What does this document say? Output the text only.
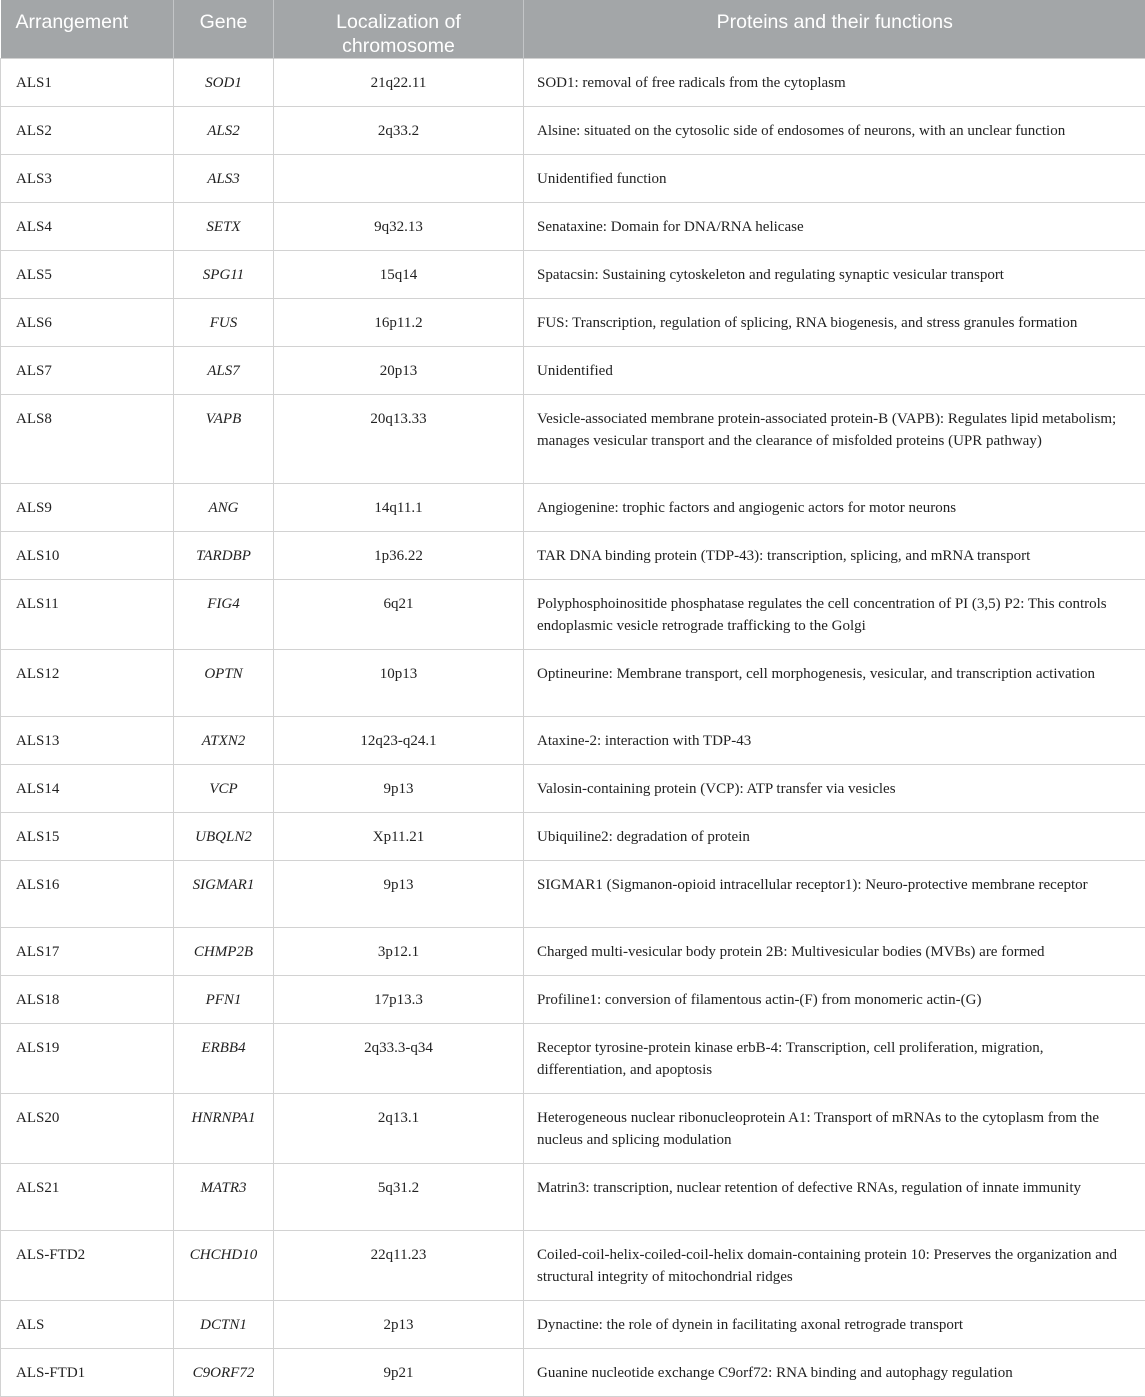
Arrangement	Gene	Localization of chromosome	Proteins and their functions
ALS1	SOD1	21q22.11	SOD1: removal of free radicals from the cytoplasm
ALS2	ALS2	2q33.2	Alsine: situated on the cytosolic side of endosomes of neurons, with an unclear function
ALS3	ALS3		Unidentified function
ALS4	SETX	9q32.13	Senataxine: Domain for DNA/RNA helicase
ALS5	SPG11	15q14	Spatacsin: Sustaining cytoskeleton and regulating synaptic vesicular transport
ALS6	FUS	16p11.2	FUS: Transcription, regulation of splicing, RNA biogenesis, and stress granules formation
ALS7	ALS7	20p13	Unidentified
ALS8	VAPB	20q13.33	Vesicle-associated membrane protein-associated protein-B (VAPB): Regulates lipid metabolism; manages vesicular transport and the clearance of misfolded proteins (UPR pathway)
ALS9	ANG	14q11.1	Angiogenine: trophic factors and angiogenic actors for motor neurons
ALS10	TARDBP	1p36.22	TAR DNA binding protein (TDP-43): transcription, splicing, and mRNA transport
ALS11	FIG4	6q21	Polyphosphoinositide phosphatase regulates the cell concentration of PI (3,5) P2: This controls endoplasmic vesicle retrograde trafficking to the Golgi
ALS12	OPTN	10p13	Optineurine: Membrane transport, cell morphogenesis, vesicular, and transcription activation
ALS13	ATXN2	12q23-q24.1	Ataxine-2: interaction with TDP-43
ALS14	VCP	9p13	Valosin-containing protein (VCP): ATP transfer via vesicles
ALS15	UBQLN2	Xp11.21	Ubiquiline2: degradation of protein
ALS16	SIGMAR1	9p13	SIGMAR1 (Sigmanon-opioid intracellular receptor1): Neuro-protective membrane receptor
ALS17	CHMP2B	3p12.1	Charged multi-vesicular body protein 2B: Multivesicular bodies (MVBs) are formed
ALS18	PFN1	17p13.3	Profiline1: conversion of filamentous actin-(F) from monomeric actin-(G)
ALS19	ERBB4	2q33.3-q34	Receptor tyrosine-protein kinase erbB-4: Transcription, cell proliferation, migration, differentiation, and apoptosis
ALS20	HNRNPA1	2q13.1	Heterogeneous nuclear ribonucleoprotein A1: Transport of mRNAs to the cytoplasm from the nucleus and splicing modulation
ALS21	MATR3	5q31.2	Matrin3: transcription, nuclear retention of defective RNAs, regulation of innate immunity
ALS-FTD2	CHCHD10	22q11.23	Coiled-coil-helix-coiled-coil-helix domain-containing protein 10: Preserves the organization and structural integrity of mitochondrial ridges
ALS	DCTN1	2p13	Dynactine: the role of dynein in facilitating axonal retrograde transport
ALS-FTD1	C9ORF72	9p21	Guanine nucleotide exchange C9orf72: RNA binding and autophagy regulation
